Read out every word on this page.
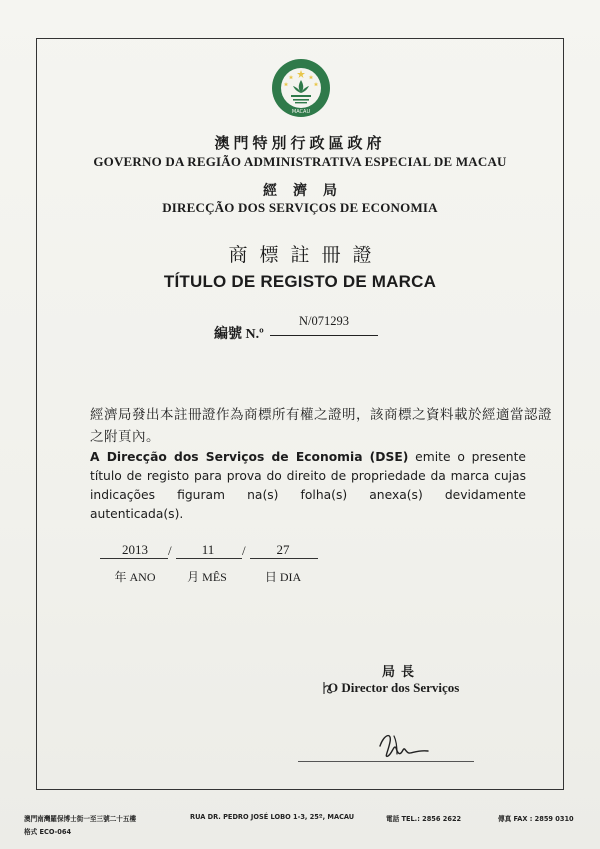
MACAU
澳門特別行政區政府
GOVERNO DA REGIÃO ADMINISTRATIVA ESPECIAL DE MACAU
經濟局
DIRECÇÃO DOS SERVIÇOS DE ECONOMIA
商標註冊證
TÍTULO DE REGISTO DE MARCA
編號 N.º
N/071293
經濟局發出本註冊證作為商標所有權之證明，該商標之資料載於經適當認證之附頁內。
A Direcção dos Serviços de Economia (DSE) emite o presente título de registo para prova do direito de propriedade da marca cujas indicações figuram na(s) folha(s) anexa(s) devidamente autenticada(s).
2013	/	11	/	27
年 ANO	月 MÊS	日 DIA
局長
O Director dos Serviços
澳門南灣羅保博士街一至三號二十五樓	RUA DR. PEDRO JOSÉ LOBO 1-3, 25º, MACAU	電話 TEL.: 2856 2622	傳真 FAX : 2859 0310
格式 ECO-064
